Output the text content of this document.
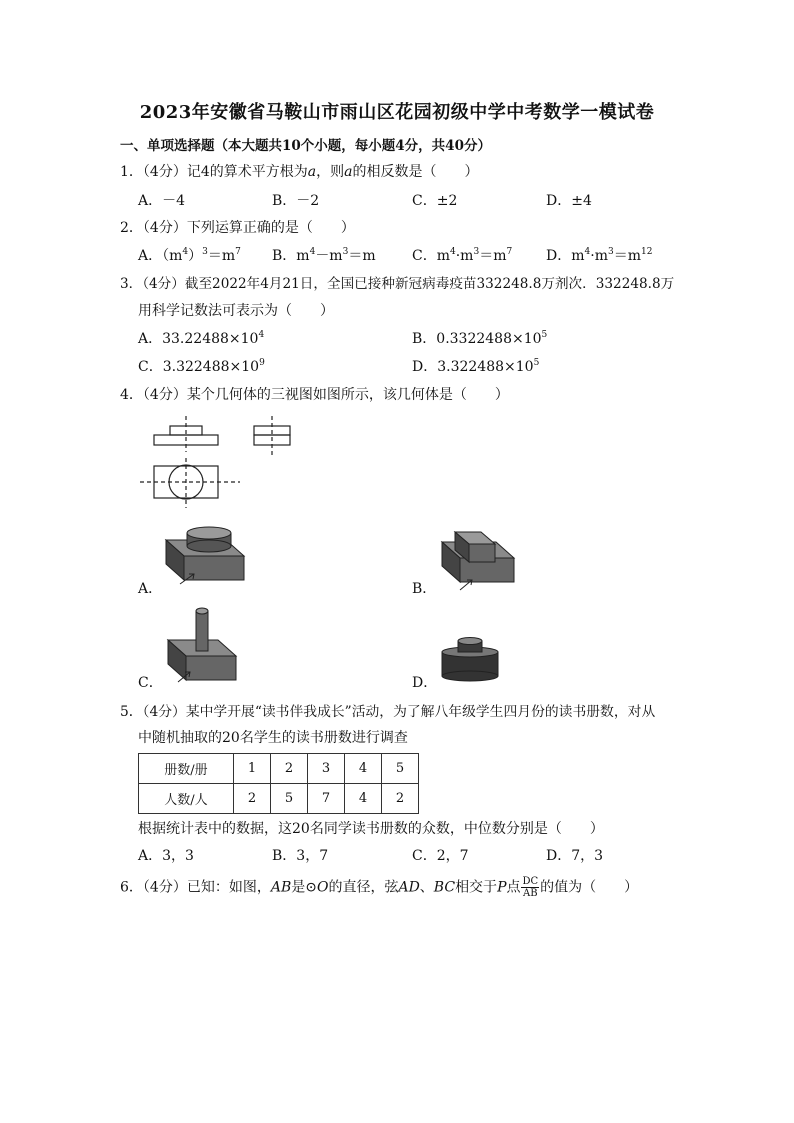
2023年安徽省马鞍山市雨山区花园初级中学中考数学一模试卷
一、单项选择题（本大题共10个小题，每小题4分，共40分）
1．（4分）记4的算术平方根为a，则a的相反数是（　　）
A．－4	B．－2	C．±2	D．±4
2．（4分）下列运算正确的是（　　）
A．$(m^4)^3=m^7$ B．$m^4-m^3=m$	C．$m^4\cdot m^3=m^7$ D．$m^4\cdot m^3=m^{12}$
3．（4分）截至2022年4月21日，全国已接种新冠病毒疫苗332248.8万剂次．332248.8万
用科学记数法可表示为（　　）
A．$33.22488\times 10^4$	B．$0.3322488\times 10^5$
C．$3.322488\times 10^9$	D．$3.322488\times 10^5$
4．（4分）某个几何体的三视图如图所示，该几何体是（　　）
A．	B．
C．	D．
5．（4分）某中学开展“读书伴我成长”活动，为了解八年级学生四月份的读书册数，对从
中随机抽取的20名学生的读书册数进行调查
册数/册	1	2	3	4	5
人数/人	2	5	7	4	2
根据统计表中的数据，这20名同学读书册数的众数，中位数分别是（　　）
A．3，3	B．3，7	C．2，7	D．7，3
6．（4分）已知：如图，AB是⊙O的直径，弦AD、BC相交于P点 $\frac{DC}{AB}$ 的值为（　　）
